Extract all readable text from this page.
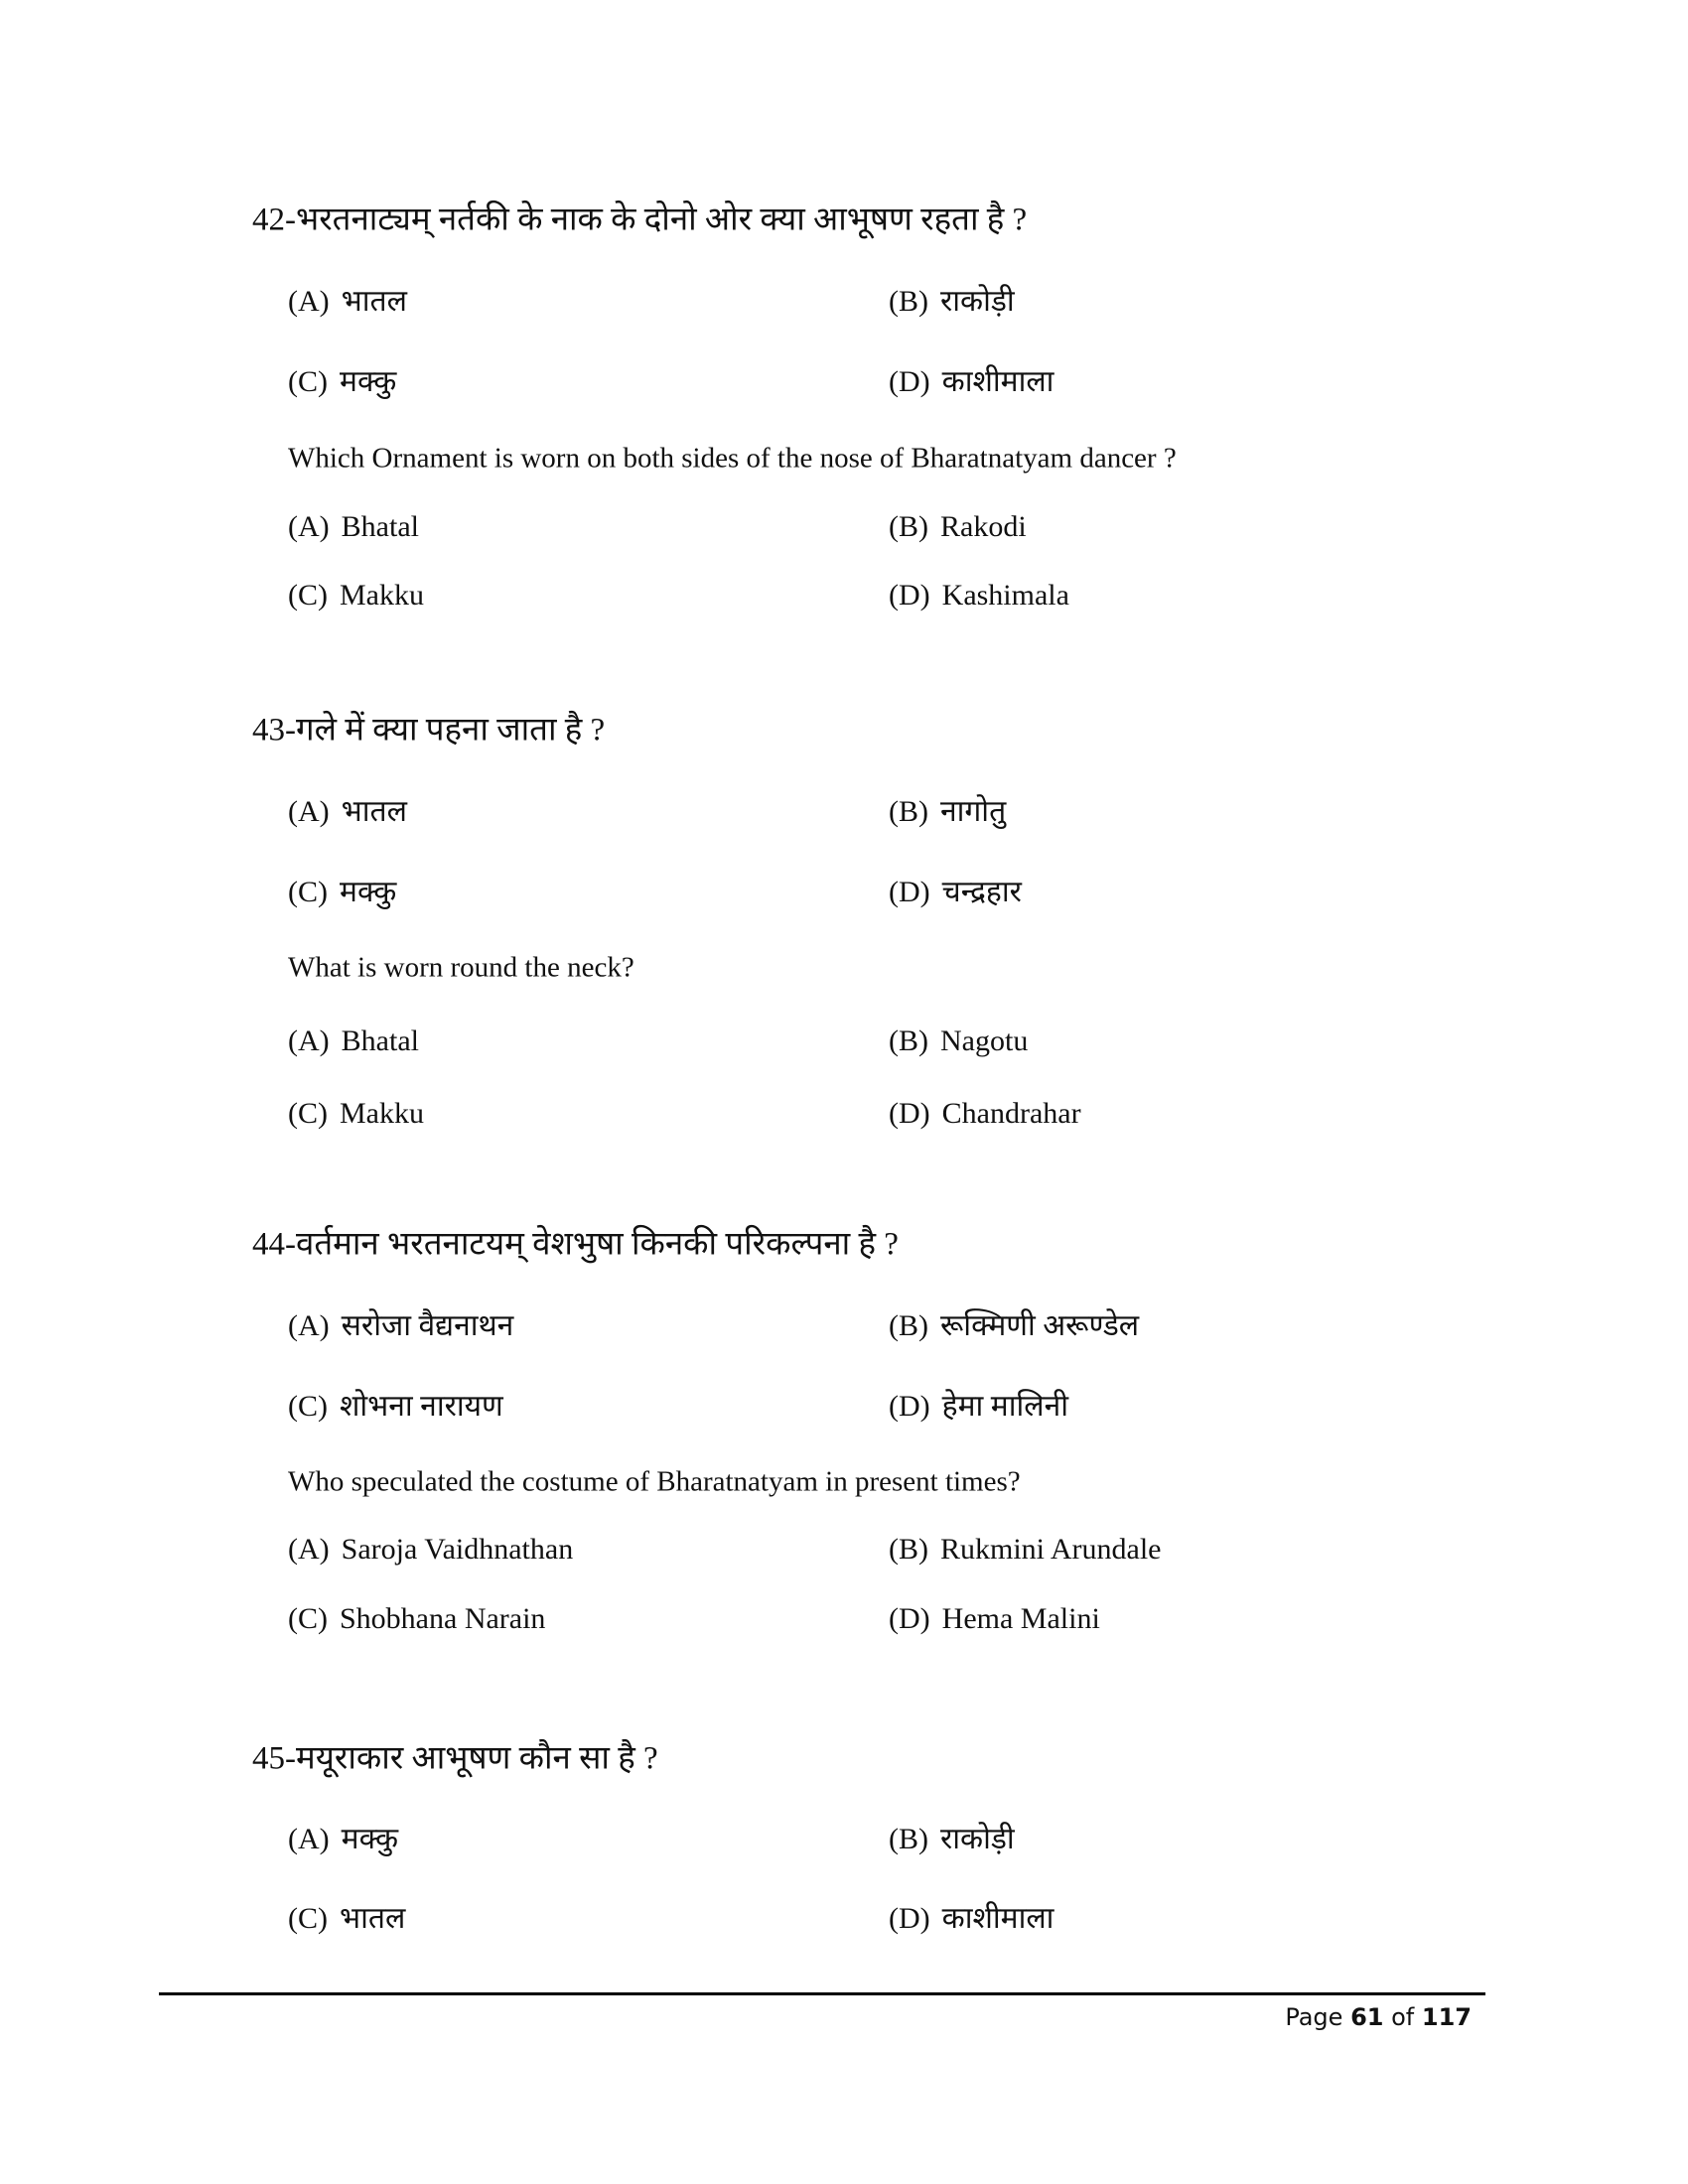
42-भरतनाट्यम् नर्तकी के नाक के दोनो ओर क्या आभूषण रहता है ?
(A) भातल	(B) राकोड़ी
(C) मक्कु	(D) काशीमाला
Which Ornament is worn on both sides of the nose of Bharatnatyam dancer ?
(A) Bhatal	(B) Rakodi
(C) Makku	(D) Kashimala
43-गले में क्या पहना जाता है ?
(A) भातल	(B) नागोतु
(C) मक्कु	(D) चन्द्रहार
What is worn round the neck?
(A) Bhatal	(B) Nagotu
(C) Makku	(D) Chandrahar
44-वर्तमान भरतनाटयम् वेशभुषा किनकी परिकल्पना है ?
(A) सरोजा वैद्यनाथन	(B) रूक्मिणी अरूण्डेल
(C) शोभना नारायण	(D) हेमा मालिनी
Who speculated the costume of Bharatnatyam in present times?
(A) Saroja Vaidhnathan	(B) Rukmini Arundale
(C) Shobhana Narain	(D) Hema Malini
45-मयूराकार आभूषण कौन सा है ?
(A) मक्कु	(B) राकोड़ी
(C) भातल	(D) काशीमाला
Page 61 of 117
